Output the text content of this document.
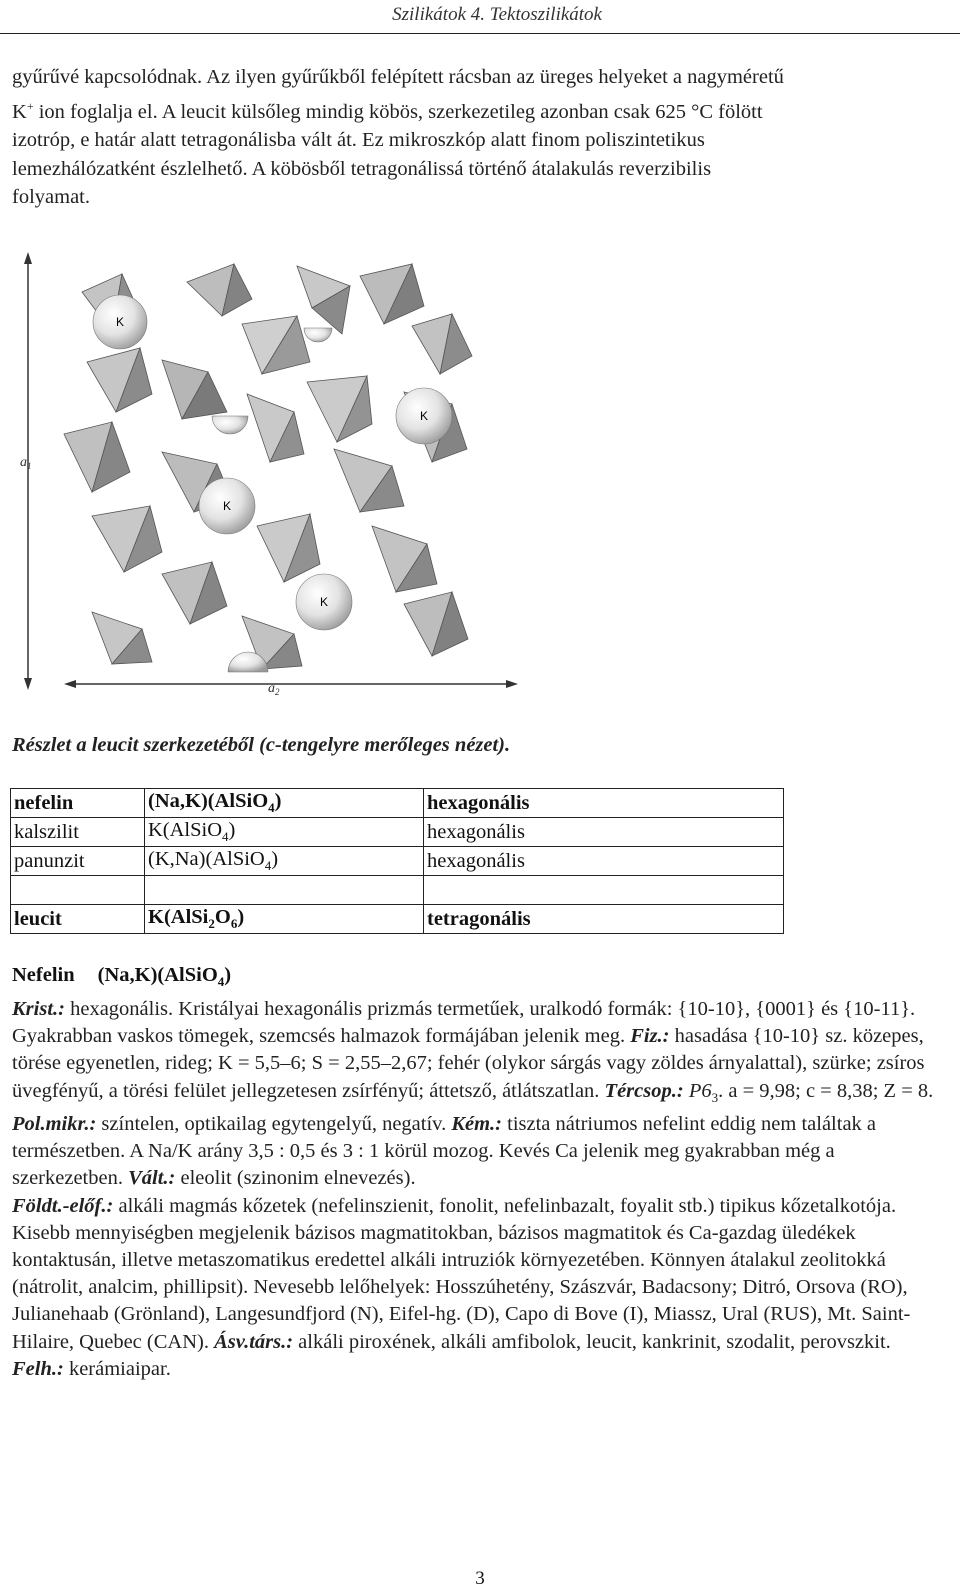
Szilikátok 4. Tektoszilikátok
gyűrűvé kapcsolódnak. Az ilyen gyűrűkből felépített rácsban az üreges helyeket a nagyméretű
K+ ion foglalja el. A leucit külsőleg mindig köbös, szerkezetileg azonban csak 625 °C fölött
izotróp, e határ alatt tetragonálisba vált át. Ez mikroszkóp alatt finom poliszintetikus
lemezhálózatként észlelhető. A köbösből tetragonálissá történő átalakulás reverzibilis
folyamat.
$a_1$
$a_2$
K
K
K
K
Részlet a leucit szerkezetéből (c-tengelyre merőleges nézet).
nefelin	(Na,K)(AlSiO$_4$)	hexagonális
kalszilit	K(AlSiO$_4$)	hexagonális
panunzit	(K,Na)(AlSiO$_4$)	hexagonális

leucit	$K(AlSi_2O_6)$	tetragonális
Nefelin (Na,K)(AlSiO$_4$)
Krist.: hexagonális. Kristályai hexagonális prizmás termetűek, uralkodó formák: {10-10}, {0001} és {10-11}. Gyakrabban vaskos tömegek, szemcsés halmazok formájában jelenik meg. Fiz.: hasadása {10-10} sz. közepes, törése egyenetlen, rideg; K = 5,5–6; S = 2,55–2,67; fehér (olykor sárgás vagy zöldes árnyalattal), szürke; zsíros üvegfényű, a törési felület jellegzetesen zsírfényű; áttetsző, átlátszatlan. Tércsop.: $P6_3$. a = 9,98; c = 8,38; Z = 8.
Pol.mikr.: színtelen, optikailag egytengelyű, negatív. Kém.: tiszta nátriumos nefelint eddig nem találtak a természetben. A Na/K arány 3,5 : 0,5 és 3 : 1 körül mozog. Kevés Ca jelenik meg gyakrabban még a szerkezetben. Vált.: eleolit (szinonim elnevezés).
Földt.-előf.: alkáli magmás kőzetek (nefelinszienit, fonolit, nefelinbazalt, foyalit stb.) tipikus kőzetalkotója. Kisebb mennyiségben megjelenik bázisos magmatitokban, bázisos magmatitok és Ca-gazdag üledékek kontaktusán, illetve metaszomatikus eredettel alkáli intruziók környezetében. Könnyen átalakul zeolitokká (nátrolit, analcim, phillipsit). Nevesebb lelőhelyek: Hosszúhetény, Szászvár, Badacsony; Ditró, Orsova (RO), Julianehaab (Grönland), Langesundfjord (N), Eifel-hg. (D), Capo di Bove (I), Miassz, Ural (RUS), Mt. Saint-Hilaire, Quebec (CAN). Ásv.társ.: alkáli piroxének, alkáli amfibolok, leucit, kankrinit, szodalit, perovszkit.
Felh.: kerámiaipar.
3
